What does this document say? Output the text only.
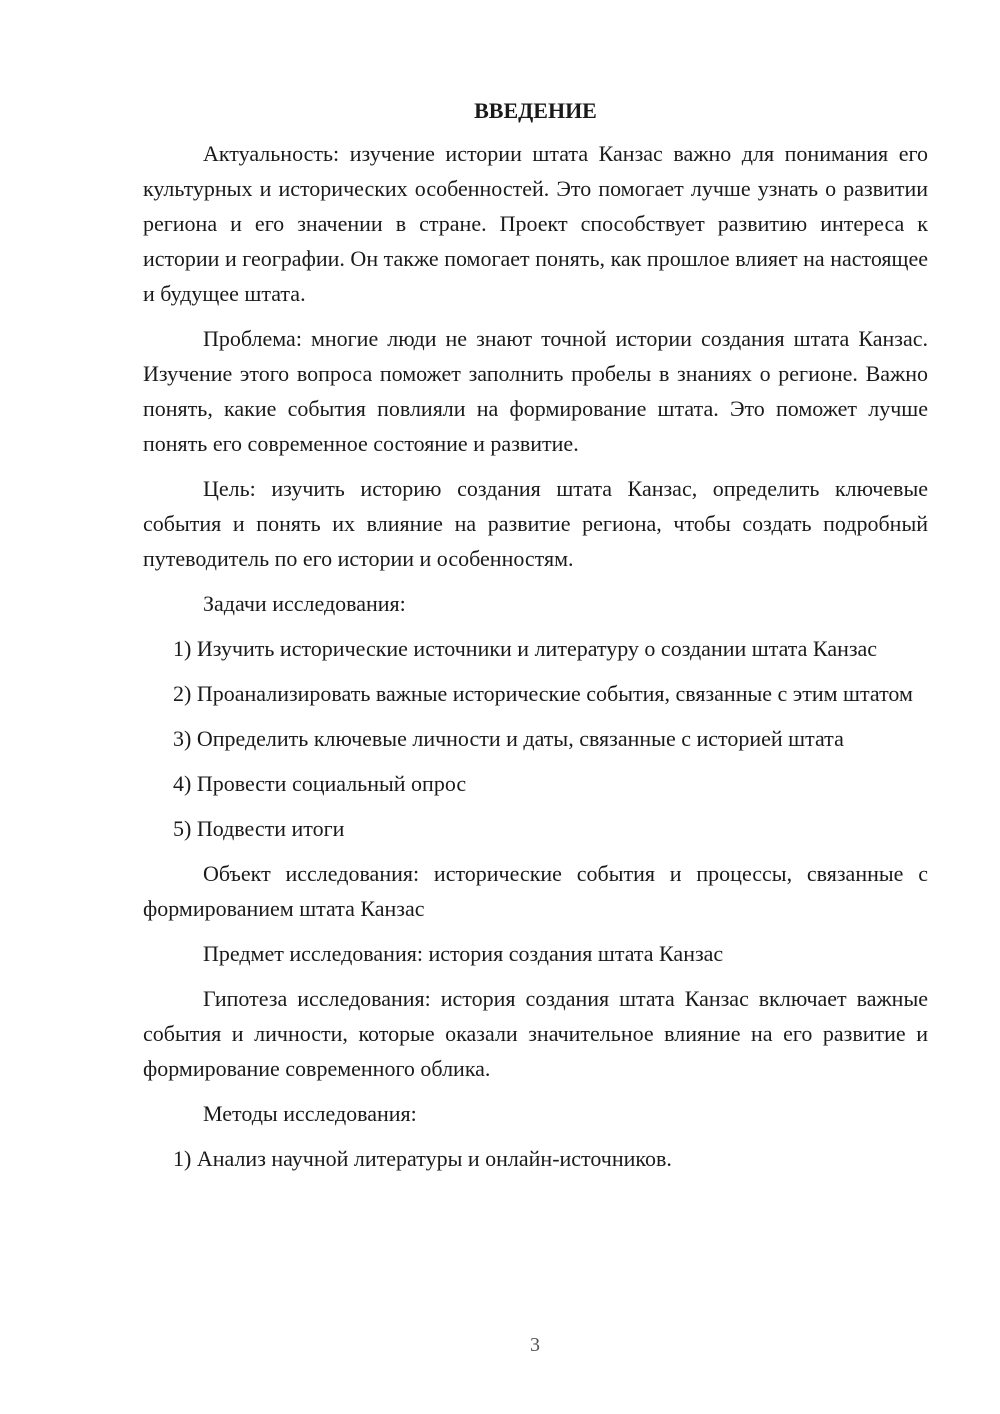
ВВЕДЕНИЕ

Актуальность: изучение истории штата Канзас важно для понимания его культурных и исторических особенностей. Это помогает лучше узнать о развитии региона и его значении в стране. Проект способствует развитию интереса к истории и географии. Он также помогает понять, как прошлое влияет на настоящее и будущее штата.

Проблема: многие люди не знают точной истории создания штата Канзас. Изучение этого вопроса поможет заполнить пробелы в знаниях о регионе. Важно понять, какие события повлияли на формирование штата. Это поможет лучше понять его современное состояние и развитие.

Цель: изучить историю создания штата Канзас, определить ключевые события и понять их влияние на развитие региона, чтобы создать подробный путеводитель по его истории и особенностям.

Задачи исследования:

1) Изучить исторические источники и литературу о создании штата Канзас

2) Проанализировать важные исторические события, связанные с этим штатом

3) Определить ключевые личности и даты, связанные с историей штата

4) Провести социальный опрос

5) Подвести итоги

Объект исследования: исторические события и процессы, связанные с формированием штата Канзас

Предмет исследования: история создания штата Канзас

Гипотеза исследования: история создания штата Канзас включает важные события и личности, которые оказали значительное влияние на его развитие и формирование современного облика.

Методы исследования:

1) Анализ научной литературы и онлайн-источников.

3
